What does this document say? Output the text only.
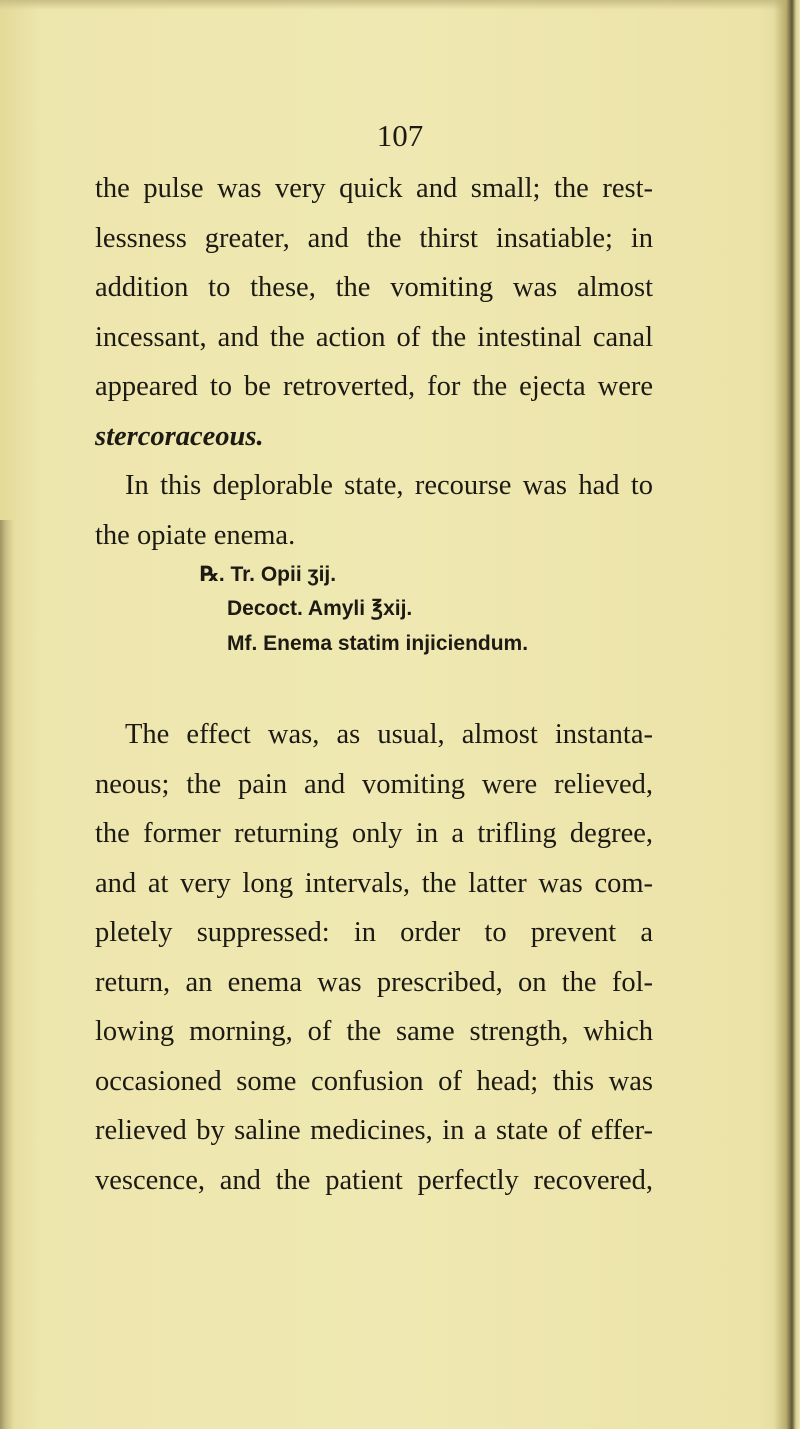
107
the pulse was very quick and small; the rest-
lessness greater, and the thirst insatiable; in
addition to these, the vomiting was almost
incessant, and the action of the intestinal canal
appeared to be retroverted, for the ejecta were
stercoraceous.
In this deplorable state, recourse was had to
the opiate enema.
℞. Tr. Opii ʒij.
Decoct. Amyli ℥xij.
Mf. Enema statim injiciendum.
The effect was, as usual, almost instanta-
neous; the pain and vomiting were relieved,
the former returning only in a trifling degree,
and at very long intervals, the latter was com-
pletely suppressed: in order to prevent a
return, an enema was prescribed, on the fol-
lowing morning, of the same strength, which
occasioned some confusion of head; this was
relieved by saline medicines, in a state of effer-
vescence, and the patient perfectly recovered,
